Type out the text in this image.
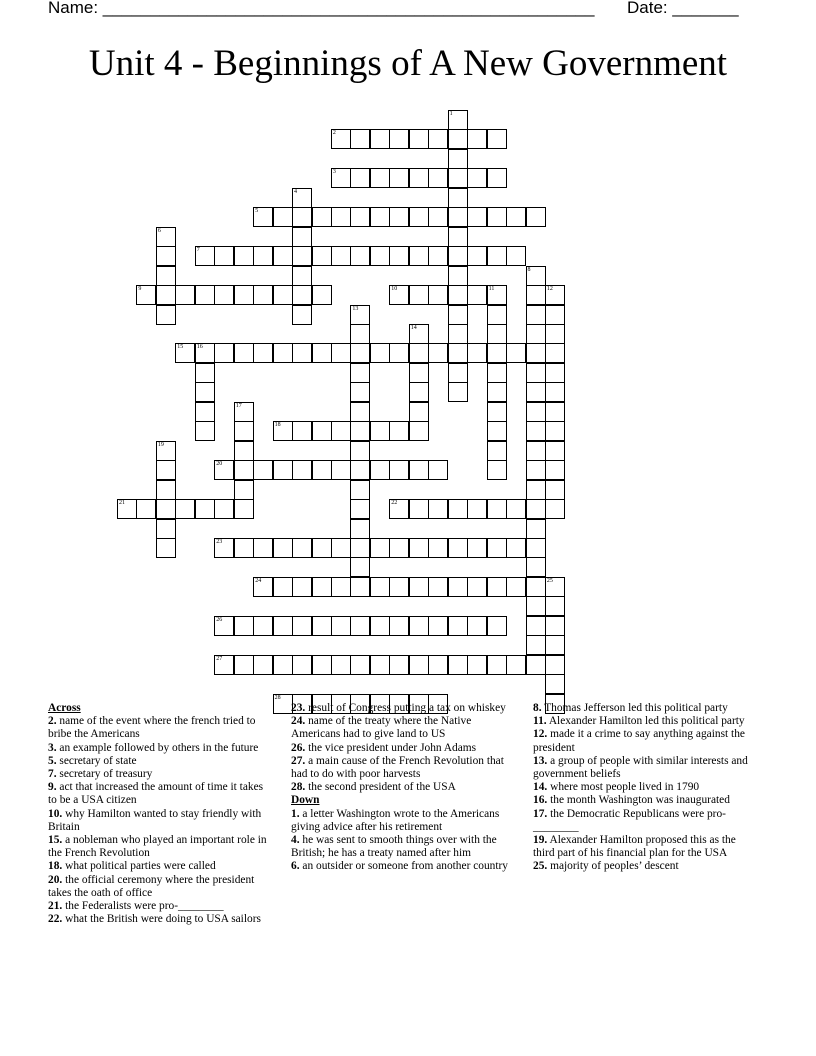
Name: ____________________________________________________ Date: _______
Unit 4 - Beginnings of A New Government
1
2
3
4
5
6
7
8
9	10	11	12
13
14
15 16
17
18
19
20
21	22
23
24	25
26
27
28
Across
2. name of the event where the french tried to bribe the Americans
3. an example followed by others in the future
5. secretary of state
7. secretary of treasury
9. act that increased the amount of time it takes to be a USA citizen
10. why Hamilton wanted to stay friendly with Britain
15. a nobleman who played an important role in the French Revolution
18. what political parties were called
20. the official ceremony where the president takes the oath of office
21. the Federalists were pro-________
22. what the British were doing to USA sailors
23. result of Congress putting a tax on whiskey
24. name of the treaty where the Native Americans had to give land to US
26. the vice president under John Adams
27. a main cause of the French Revolution that had to do with poor harvests
28. the second president of the USA
Down
1. a letter Washington wrote to the Americans giving advice after his retirement
4. he was sent to smooth things over with the British; he has a treaty named after him
6. an outsider or someone from another country
8. Thomas Jefferson led this political party
11. Alexander Hamilton led this political party
12. made it a crime to say anything against the president
13. a group of people with similar interests and government beliefs
14. where most people lived in 1790
16. the month Washington was inaugurated
17. the Democratic Republicans were pro-________
19. Alexander Hamilton proposed this as the third part of his financial plan for the USA
25. majority of peoples’ descent
